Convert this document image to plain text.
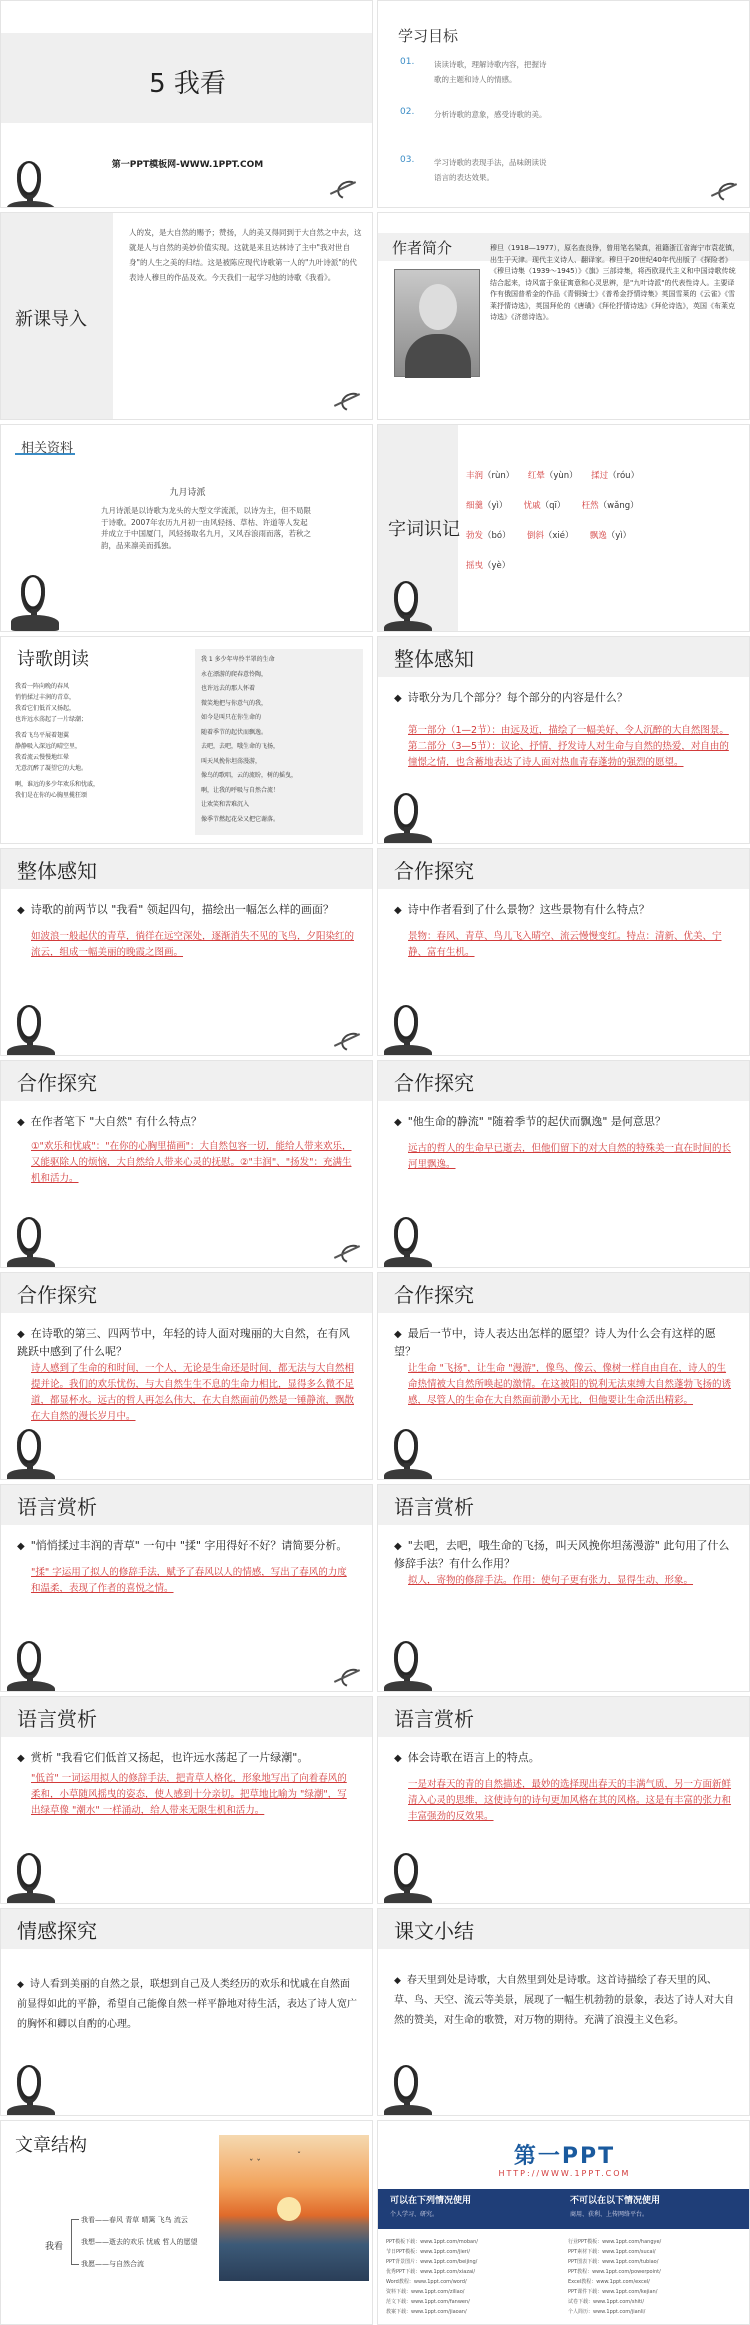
5 我看
第一PPT模板网-WWW.1PPT.COM
学习目标
01.	读读诗歌，理解诗歌内容，把握诗歌的主题和诗人的情感。
02.	分析诗歌的意象，感受诗歌的美。
03.	学习诗歌的表现手法，品味朗读说语言的表达效果。
新课导入
人的发，是大自然的赐予；赞扬，人的美又得同到于大自然之中去，这就是人与自然的美妙价值实现。这就是来且达林诗了主中"我对世自身"的人生之美的归结。这是被陈应现代诗歌第一人的"九叶诗派"的代表诗人穆旦的作品及欢。今天我们一起学习他的诗歌《我看》。
作者简介	穆旦（1918—1977），原名查良铮，曾用笔名梁真，祖籍浙江省海宁市袁花镇，出生于天津。现代主义诗人、翻译家。穆旦于20世纪40年代出版了《探险者》《穆旦诗集（1939～1945）》《旗》三部诗集，将西欧现代主义和中国诗歌传统结合起来，诗风富于象征寓意和心灵思辨，是"九叶诗派"的代表性诗人。主要译作有俄国普希金的作品《青铜骑士》《普希金抒情诗集》英国雪莱的《云雀》《雪莱抒情诗选》，英国拜伦的《唐璜》《拜伦抒情诗选》《拜伦诗选》，英国《布莱克诗选》《济慈诗选》。
相关资料
九月诗派
九月诗派是以诗歌为龙头的大型文学流派，以诗为主，但不局限于诗歌。2007年农历九月初一由风轻扬、草枯、许道等人发起并成立于中国厦门，风轻扬取名九月，又风吞浪雨而落，若秋之韵，品来凛美而孤独。
字词识记
丰润（rùn） 红晕（yùn） 揉过（róu）
细羹（yì） 忧戚（qī） 枉然（wǎng）
勃发（bó） 倒斜（xié） 飘逸（yì）
摇曳（yè）
诗歌朗读
我看一阵向晚的春风
悄悄揉过丰润的青草，
我看它们低首又扬起，
也许远水荡起了一片绿潮；
我看飞鸟平展着翅翼
静静吸入深远的晴空里，
我看流云慢慢地红晕
无意沉醉了凝望它的大地。
啊，谁远的多少年欢乐和忧戚，
我们是在你的心胸里揽狂颂
我 1 多少年卑怜半罩的生命
永在漂游的爬春意怜陶，
也许远去的那人怀着
微笑地把与你意气的我，
如今是叫只在你生命的
随着季节的起伏而飘逸。
去吧，去吧，哦生命的飞扬，
叫天风挽你坦荡漫游，
像鸟的歌唱，云的流盼，树的摇曳，
啊，让我的呼吸与自然合流！
让欢笑和苦难沉入
像季节燃起花朵又把它谢落。
整体感知
◆ 诗歌分为几个部分？每个部分的内容是什么？
第一部分（1—2节）：由远及近，描绘了一幅美好、令人沉醉的大自然图景。第二部分（3—5节）：议论、抒情，抒发诗人对生命与自然的热爱，对自由的憧憬之情，也含蓄地表达了诗人面对热血青春蓬勃的强烈的愿望。
整体感知
◆ 诗歌的前两节以 "我看" 领起四句，描绘出一幅怎么样的画面？
如波浪一般起伏的青草，徜徉在远空深处，逐渐消失不见的飞鸟，夕阳染红的流云，组成一幅美丽的晚霞之图画。
合作探究
◆ 诗中作者看到了什么景物？这些景物有什么特点？
景物：春风、青草、鸟儿飞入晴空、流云慢慢变红。特点：清新、优美、宁静、富有生机。
合作探究
◆ 在作者笔下 "大自然" 有什么特点？
①"欢乐和忧戚"："在你的心胸里描画"：大自然包容一切，能给人带来欢乐，又能驱除人的烦恼，大自然给人带来心灵的抚慰。②"丰润"、"扬发"：充满生机和活力。
合作探究
◆ "他生命的静流" "随着季节的起伏而飘逸" 是何意思？
远古的哲人的生命早已逝去，但他们留下的对大自然的特殊美一直在时间的长河里飘逸。
合作探究
◆ 在诗歌的第三、四两节中，年轻的诗人面对瑰丽的大自然，在有风跳跃中感到了什么呢？
诗人感到了生命的和时间，一个人，无论是生命还是时间，都无法与大自然相提并论。我们的欢乐忧伤，与大自然生生不息的生命力相比，显得多么微不足道，都显杯水。远古的哲人再怎么伟大，在大自然面前仍然是一锤静流，飘散在大自然的漫长岁月中。
合作探究
◆ 最后一节中，诗人表达出怎样的愿望？诗人为什么会有这样的愿望？
让生命 "飞扬"，让生命 "漫游"，像鸟、像云、像树一样自由自在，诗人的生命热情被大自然所唤起的激情。在这被阳的锐利无法束缚大自然蓬勃飞扬的诱感，尽管人的生命在大自然面前渺小无比，但他要让生命活出精彩。
语言赏析
◆ "悄悄揉过丰润的青草" 一句中 "揉" 字用得好不好？请简要分析。
"揉" 字运用了拟人的修辞手法，赋予了春风以人的情感，写出了春风的力度和温柔，表现了作者的喜悦之情。
语言赏析
◆ "去吧，去吧，哦生命的飞扬，叫天风挽你坦荡漫游" 此句用了什么修辞手法？有什么作用？
拟人，寄物的修辞手法。作用：使句子更有张力，显得生动、形象。
语言赏析
◆ 赏析 "我看它们低首又扬起，也许远水荡起了一片绿潮"。
"低首" 一词运用拟人的修辞手法，把青草人格化，形象地写出了向着春风的柔和，小草随风摇曳的姿态，使人感到十分亲切。把草地比喻为 "绿潮"，写出绿草像 "潮水" 一样涌动，给人带来无限生机和活力。
语言赏析
◆ 体会诗歌在语言上的特点。
一是对春天的青的自然描述，最妙的选择现出春天的丰满气质，另一方面新鲜清入心灵的思维，这使诗句的诗句更加风格在其的风格。这是有丰富的张力和丰富强劲的反效果。
情感探究
◆ 诗人看到美丽的自然之景，联想到自己及人类经历的欢乐和忧戚在自然面前显得如此的平静，希望自己能像自然一样平静地对待生活，表达了诗人宽广的胸怀和卿以自酌的心理。
课文小结
◆ 春天里到处是诗歌，大自然里到处是诗歌。这首诗描绘了春天里的风、草、鸟、天空、流云等美景，展现了一幅生机勃勃的景象，表达了诗人对大自然的赞美，对生命的歌赞，对万物的期待。充满了浪漫主义色彩。
文章结构
ˇ ˇ
ˇ
我看
我看——春风 青草 晴篱 飞鸟 流云
我想——逝去的欢乐 忧戚 哲人的愿望
我愿——与自然合流
第一PPT
HTTP://WWW.1PPT.COM
可以在下列情况使用
个人学习、研究。
不可以在以下情况使用
商用、获利、上传网络平台。
PPT模板下载：www.1ppt.com/moban/
节日PPT模板：www.1ppt.com/jieri/
PPT背景图片：www.1ppt.com/beijing/
优秀PPT下载：www.1ppt.com/xiazai/
Word教程：www.1ppt.com/word/
资料下载：www.1ppt.com/ziliao/
范文下载：www.1ppt.com/fanwen/
教案下载：www.1ppt.com/jiaoan/
行业PPT模板：www.1ppt.com/hangye/
PPT素材下载：www.1ppt.com/sucai/
PPT图表下载：www.1ppt.com/tubiao/
PPT教程：www.1ppt.com/powerpoint/
Excel教程：www.1ppt.com/excel/
PPT课件下载：www.1ppt.com/kejian/
试卷下载：www.1ppt.com/shiti/
个人简历：www.1ppt.com/jianli/
